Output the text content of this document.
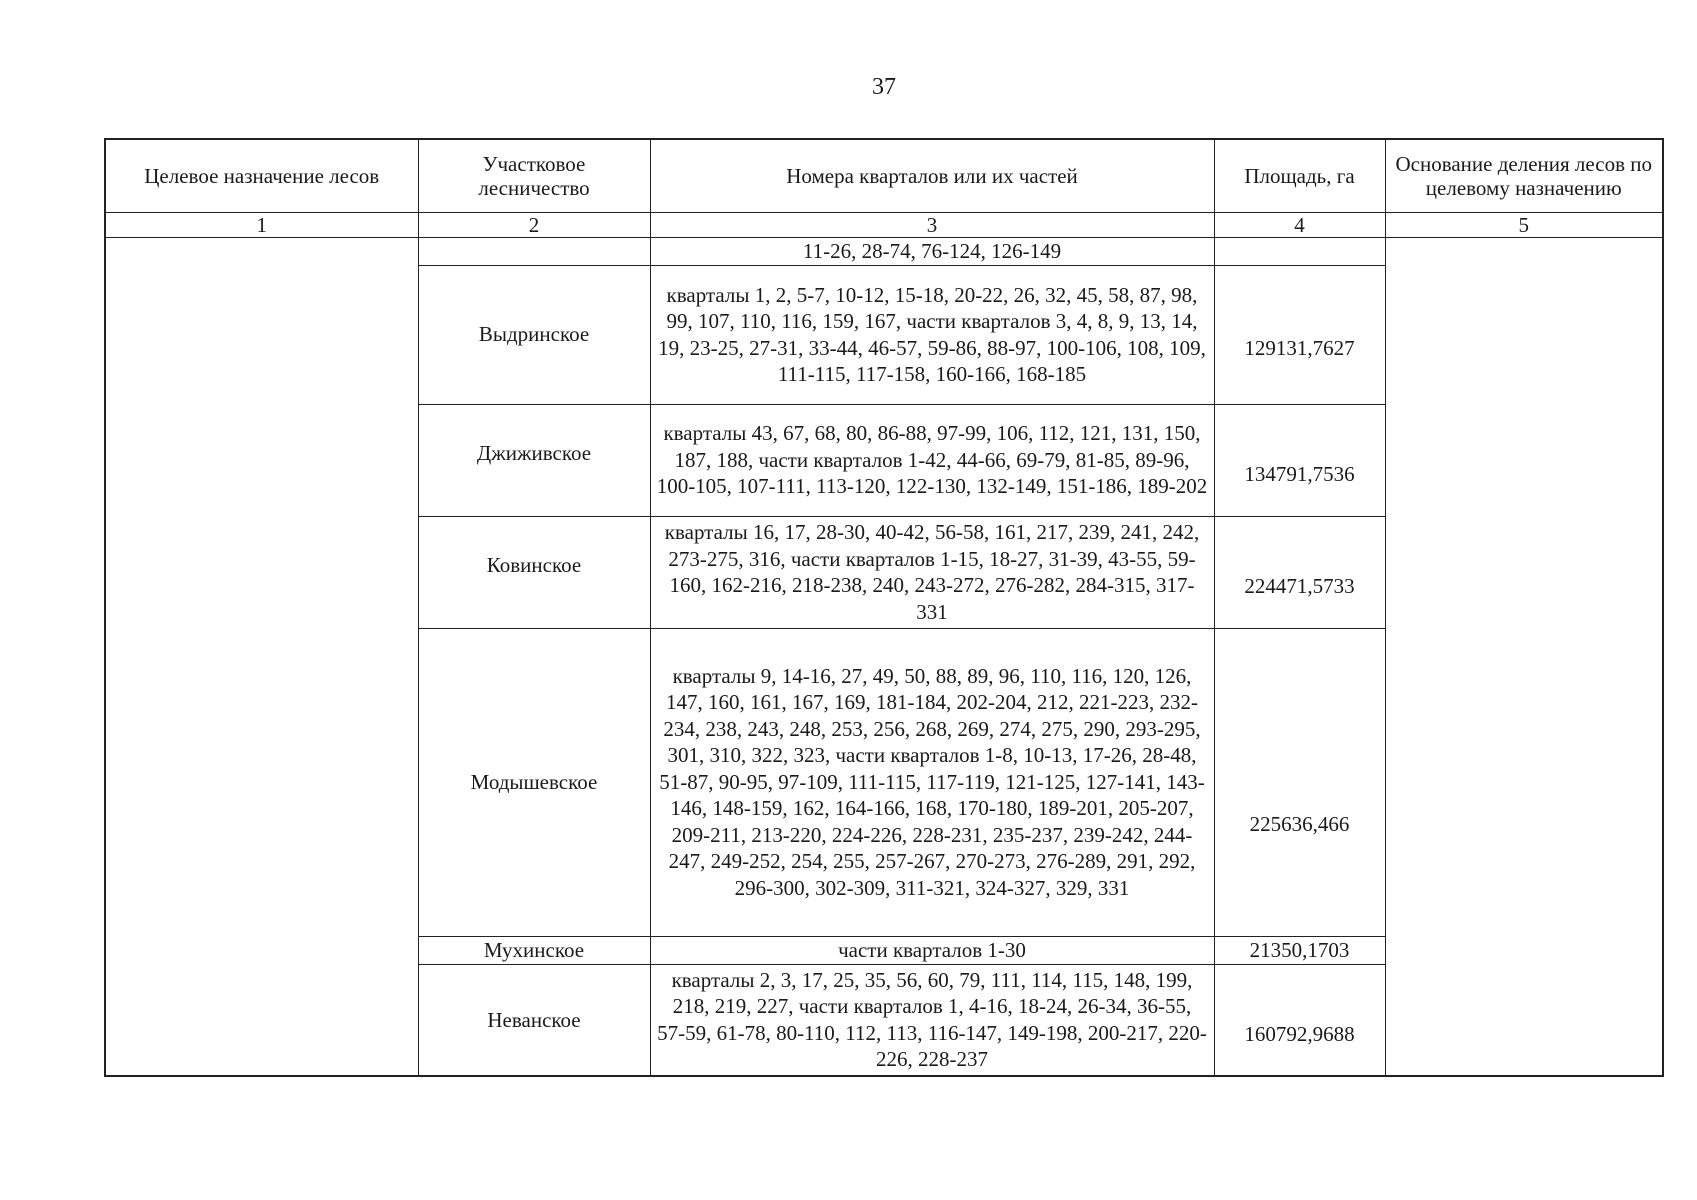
37
Целевое назначение лесов	Участковое лесничество	Номера кварталов или их частей	Площадь, га	Основание деления лесов по целевому назначению
1	2	3	4	5
		11-26, 28-74, 76-124, 126-149		
	Выдринское	кварталы 1, 2, 5-7, 10-12, 15-18, 20-22, 26, 32, 45, 58, 87, 98, 99, 107, 110, 116, 159, 167, части кварталов 3, 4, 8, 9, 13, 14, 19, 23-25, 27-31, 33-44, 46-57, 59-86, 88-97, 100-106, 108, 109, 111-115, 117-158, 160-166, 168-185	129131,7627	
	Джиживское	кварталы 43, 67, 68, 80, 86-88, 97-99, 106, 112, 121, 131, 150, 187, 188, части кварталов 1-42, 44-66, 69-79, 81-85, 89-96, 100-105, 107-111, 113-120, 122-130, 132-149, 151-186, 189-202	134791,7536	
	Ковинское	кварталы 16, 17, 28-30, 40-42, 56-58, 161, 217, 239, 241, 242, 273-275, 316, части кварталов 1-15, 18-27, 31-39, 43-55, 59-160, 162-216, 218-238, 240, 243-272, 276-282, 284-315, 317-331	224471,5733	
	Модышевское	кварталы 9, 14-16, 27, 49, 50, 88, 89, 96, 110, 116, 120, 126, 147, 160, 161, 167, 169, 181-184, 202-204, 212, 221-223, 232-234, 238, 243, 248, 253, 256, 268, 269, 274, 275, 290, 293-295, 301, 310, 322, 323, части кварталов 1-8, 10-13, 17-26, 28-48, 51-87, 90-95, 97-109, 111-115, 117-119, 121-125, 127-141, 143-146, 148-159, 162, 164-166, 168, 170-180, 189-201, 205-207, 209-211, 213-220, 224-226, 228-231, 235-237, 239-242, 244-247, 249-252, 254, 255, 257-267, 270-273, 276-289, 291, 292, 296-300, 302-309, 311-321, 324-327, 329, 331	225636,466	
	Мухинское	части кварталов 1-30	21350,1703	
	Неванское	кварталы 2, 3, 17, 25, 35, 56, 60, 79, 111, 114, 115, 148, 199, 218, 219, 227, части кварталов 1, 4-16, 18-24, 26-34, 36-55, 57-59, 61-78, 80-110, 112, 113, 116-147, 149-198, 200-217, 220-226, 228-237	160792,9688	
